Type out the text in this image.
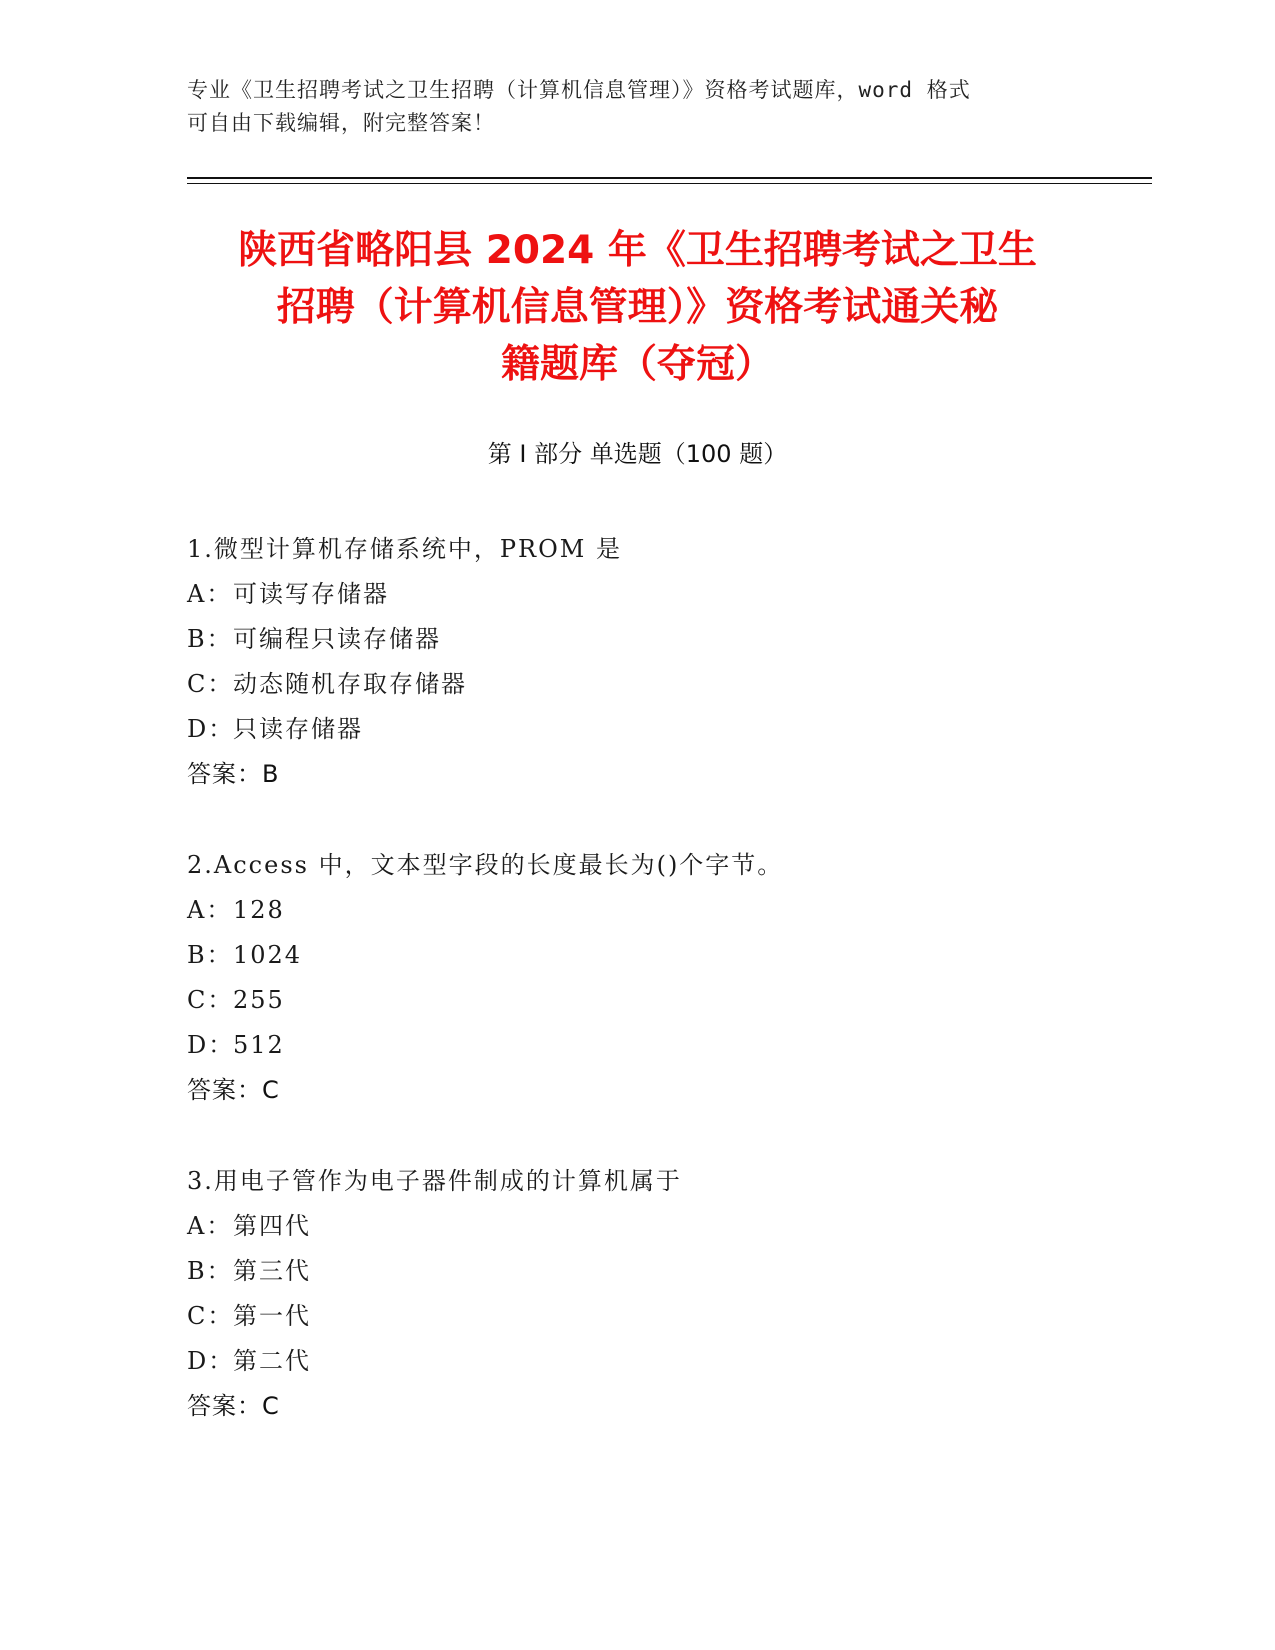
专业《卫生招聘考试之卫生招聘（计算机信息管理）》资格考试题库，word 格式
可自由下载编辑，附完整答案！
陕西省略阳县 2024 年《卫生招聘考试之卫生
招聘（计算机信息管理）》资格考试通关秘
籍题库（夺冠）
第 I 部分 单选题（100 题）
1.微型计算机存储系统中，PROM 是
A：可读写存储器
B：可编程只读存储器
C：动态随机存取存储器
D：只读存储器
答案：B
2.Access 中，文本型字段的长度最长为()个字节。
A：128
B：1024
C：255
D：512
答案：C
3.用电子管作为电子器件制成的计算机属于
A：第四代
B：第三代
C：第一代
D：第二代
答案：C
